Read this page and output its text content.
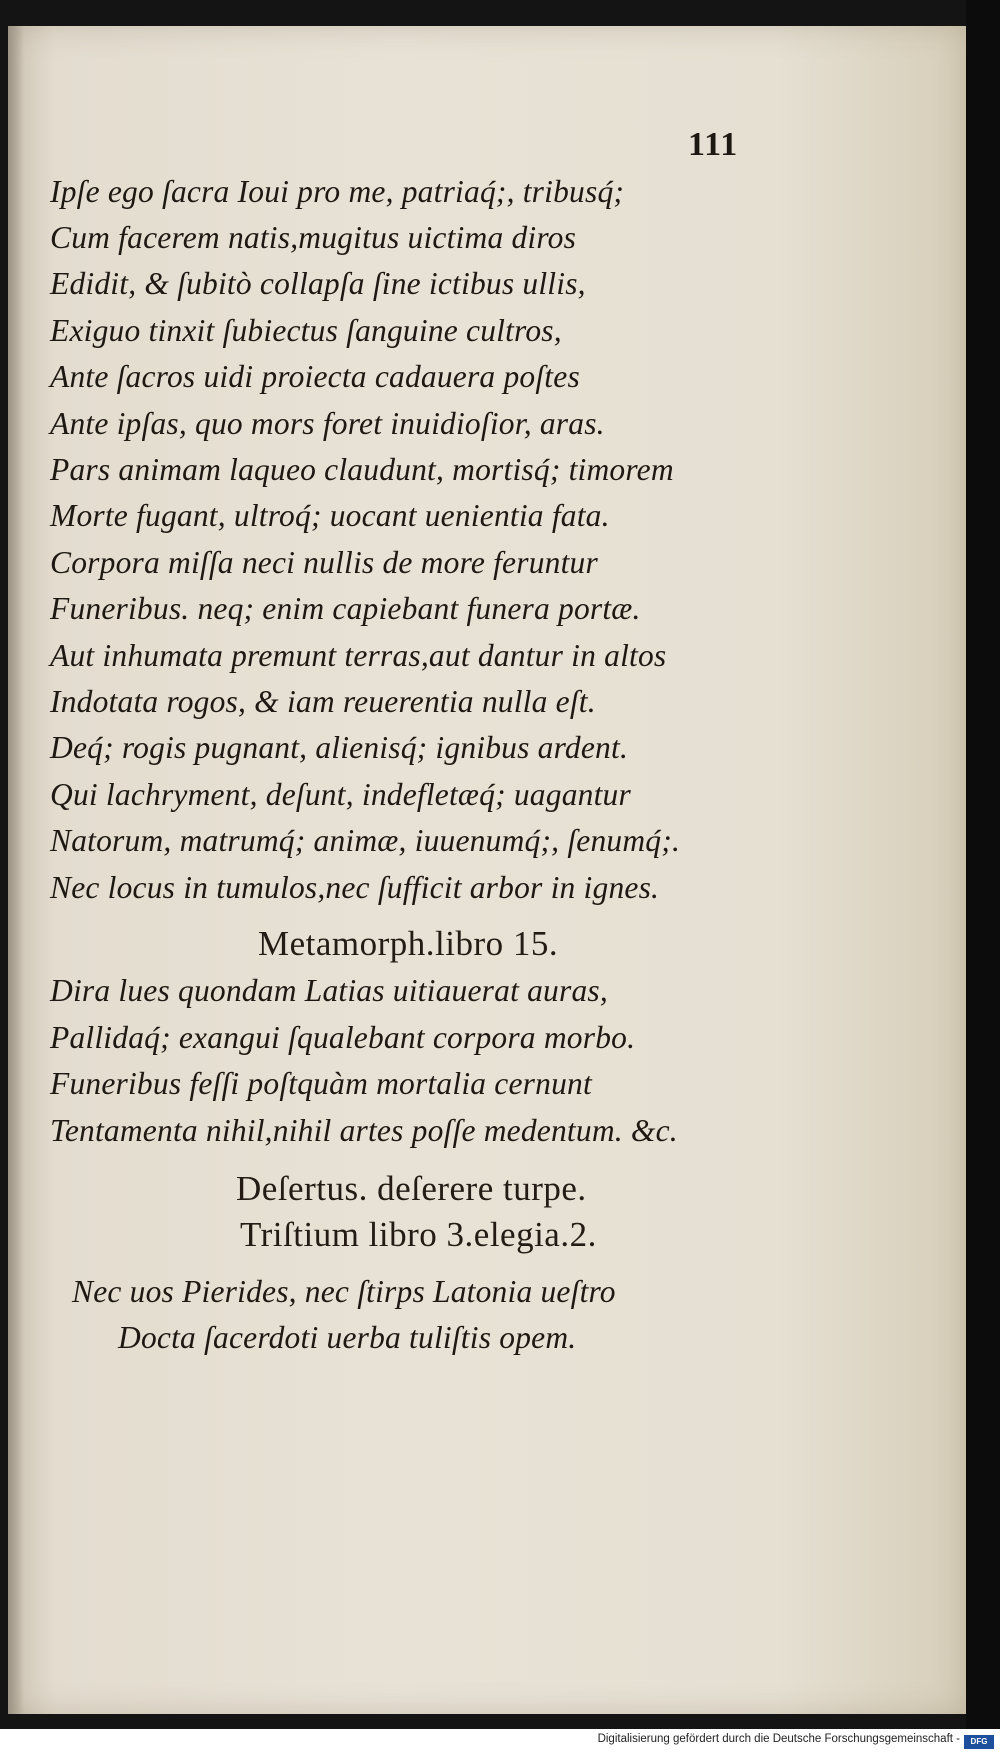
111
Ipſe ego ſacra Ioui pro me, patriaq́;, tribusq́;
Cum facerem natis,mugitus uictima diros
Edidit, & ſubitò collapſa ſine ictibus ullis,
Exiguo tinxit ſubiectus ſanguine cultros,
Ante ſacros uidi proiecta cadauera poſtes
Ante ipſas, quo mors foret inuidioſior, aras.
Pars animam laqueo claudunt, mortisq́; timorem
Morte fugant, ultroq́; uocant uenientia fata.
Corpora miſſa neci nullis de more feruntur
Funeribus. neq; enim capiebant funera portæ.
Aut inhumata premunt terras,aut dantur in altos
Indotata rogos, & iam reuerentia nulla eſt.
Deq́; rogis pugnant, alienisq́; ignibus ardent.
Qui lachryment, deſunt, indefletæq́; uagantur
Natorum, matrumq́; animæ, iuuenumq́;, ſenumq́;.
Nec locus in tumulos,nec ſufficit arbor in ignes.
Metamorph.libro 15.
Dira lues quondam Latias uitiauerat auras,
Pallidaq́; exangui ſqualebant corpora morbo.
Funeribus feſſi poſtquàm mortalia cernunt
Tentamenta nihil,nihil artes poſſe medentum. &c.
Deſertus. deſerere turpe.
Triſtium libro 3.elegia.2.
Nec uos Pierides, nec ſtirps Latonia ueſtro
Docta ſacerdoti uerba tuliſtis opem.
Digitalisierung gefördert durch die Deutsche Forschungsgemeinschaft -	DFG
